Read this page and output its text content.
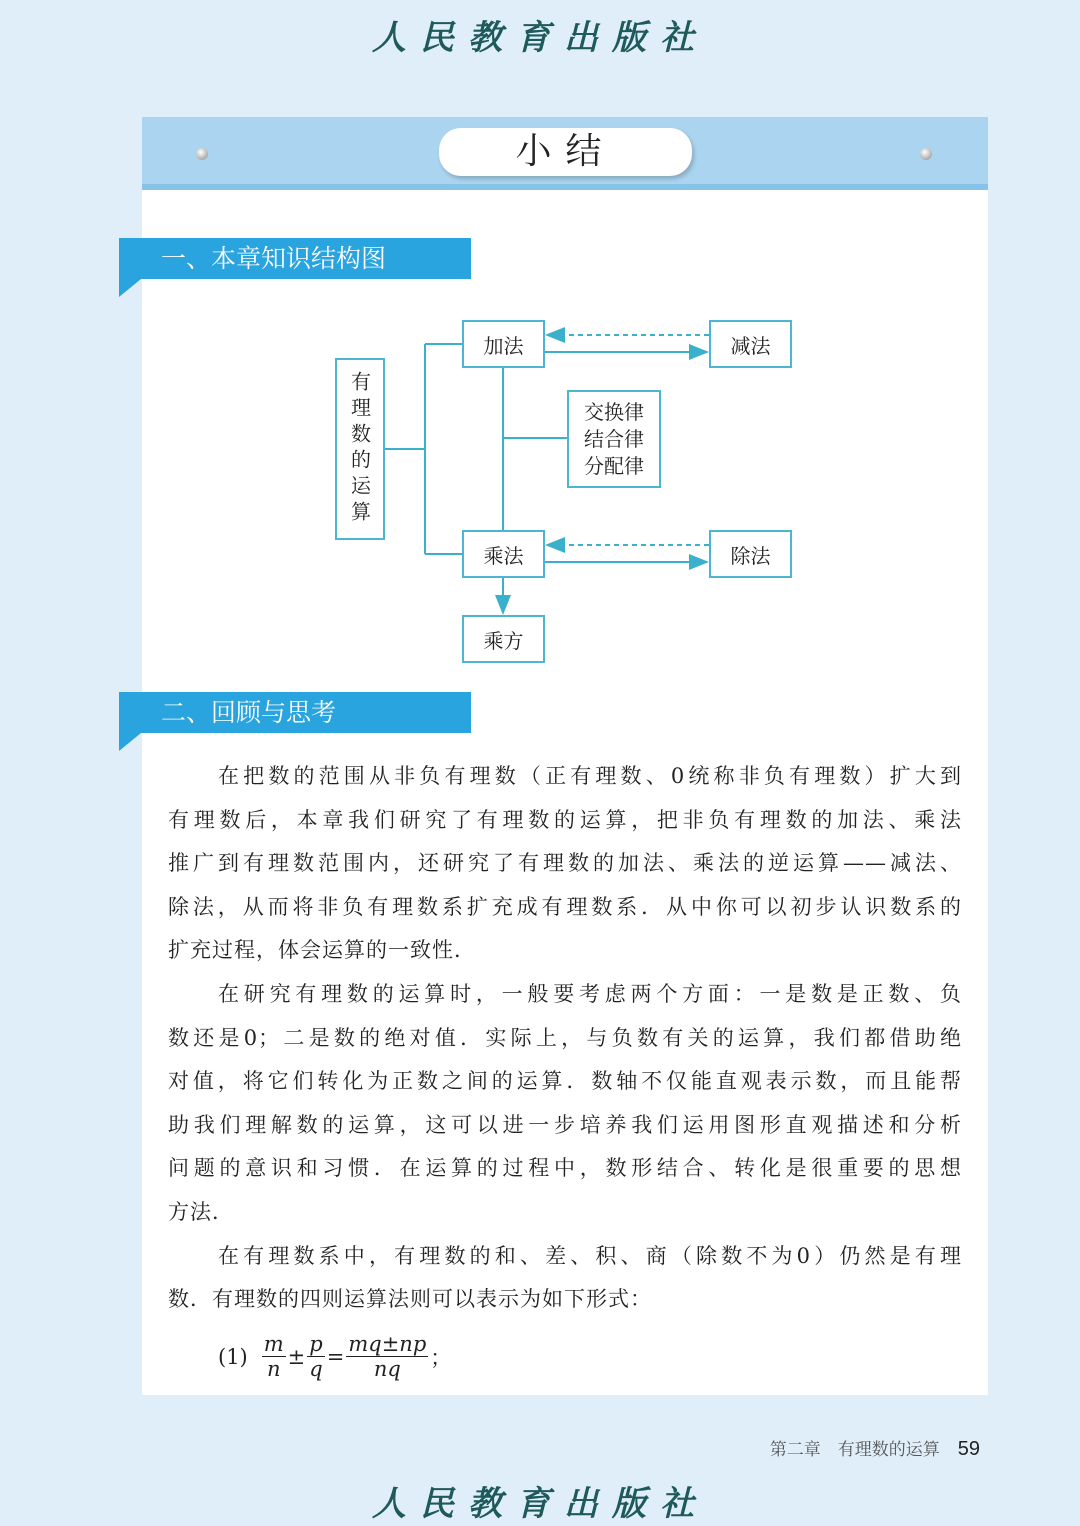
人民教育出版社
小结
一、本章知识结构图
二、回顾与思考
有理数的运算
加法	减法
交换律
结合律
分配律
乘法	除法
乘方
在把数的范围从非负有理数（正有理数、0统称非负有理数）扩大到
有理数后，本章我们研究了有理数的运算，把非负有理数的加法、乘法
推广到有理数范围内，还研究了有理数的加法、乘法的逆运算——减法、
除法，从而将非负有理数系扩充成有理数系．从中你可以初步认识数系的
扩充过程，体会运算的一致性．
在研究有理数的运算时，一般要考虑两个方面：一是数是正数、负
数还是0；二是数的绝对值．实际上，与负数有关的运算，我们都借助绝
对值，将它们转化为正数之间的运算．数轴不仅能直观表示数，而且能帮
助我们理解数的运算，这可以进一步培养我们运用图形直观描述和分析
问题的意识和习惯．在运算的过程中，数形结合、转化是很重要的思想
方法．
在有理数系中，有理数的和、差、积、商（除数不为0）仍然是有理
数．有理数的四则运算法则可以表示为如下形式：
$(1) \frac{m}{n} \pm \frac{p}{q} = \frac{mq\pm np}{nq}$ ；
第二章　有理数的运算 59
人民教育出版社
